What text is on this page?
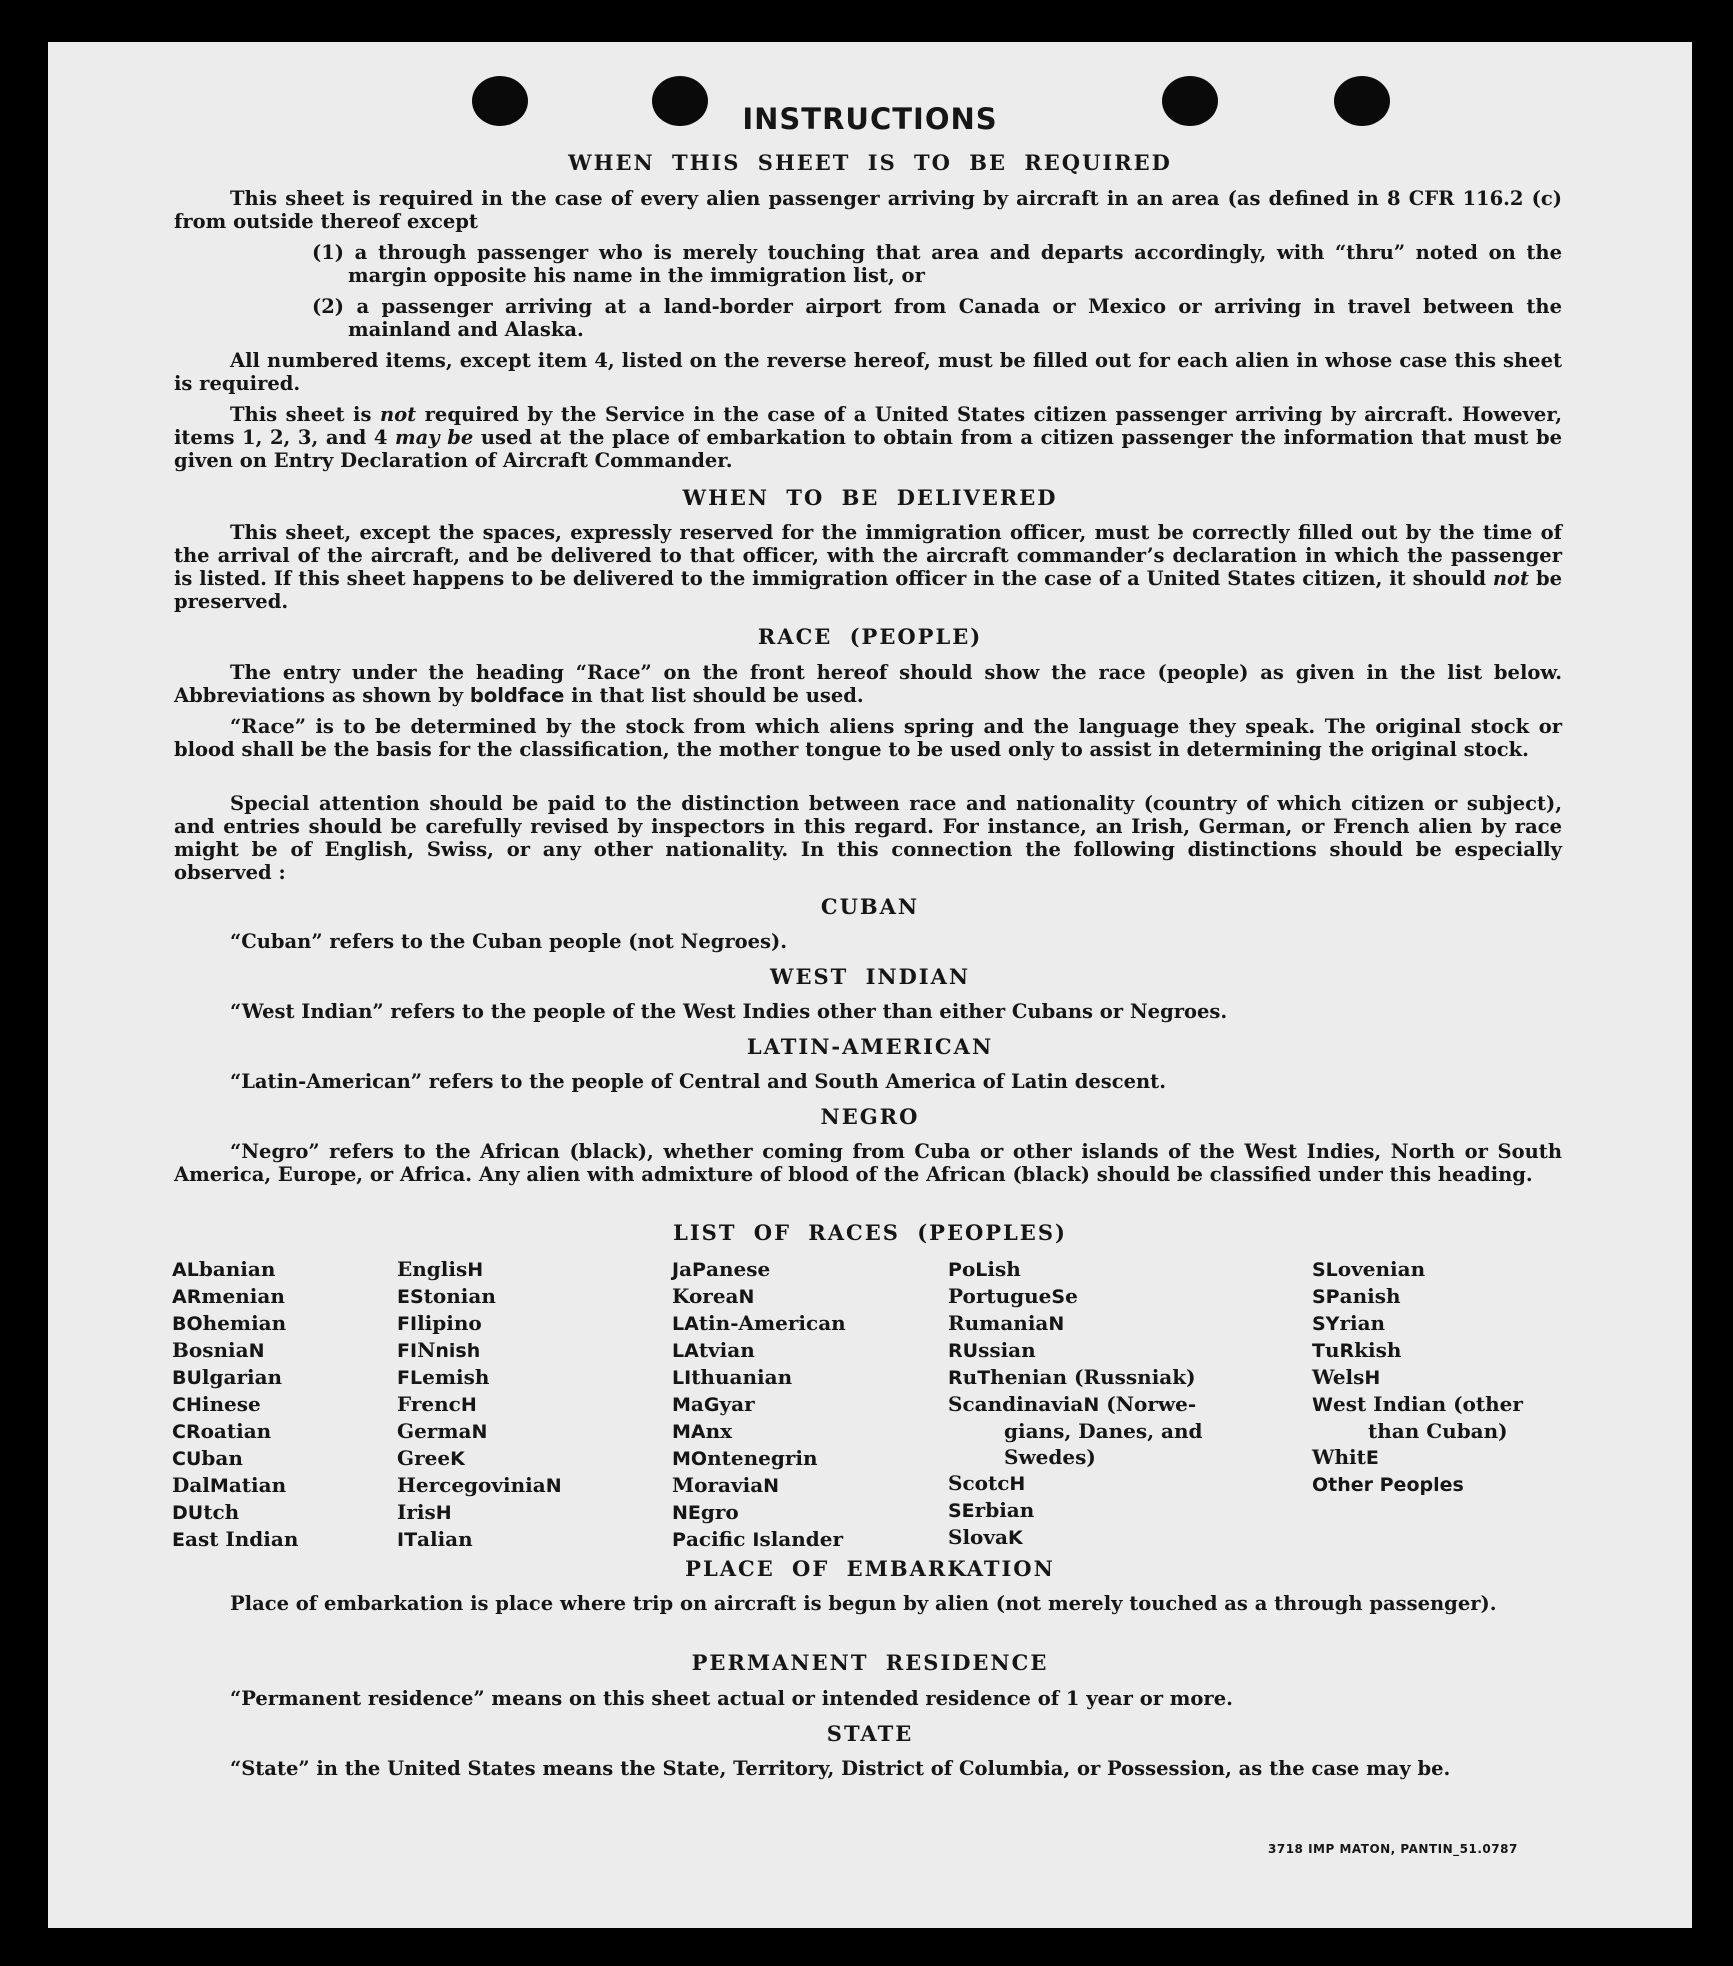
INSTRUCTIONS
WHEN THIS SHEET IS TO BE REQUIRED
This sheet is required in the case of every alien passenger arriving by aircraft in an area (as defined in 8 CFR 116.2 (c) from outside thereof except
(1) a through passenger who is merely touching that area and departs accordingly, with “thru” noted on the margin opposite his name in the immigration list, or
(2) a passenger arriving at a land-border airport from Canada or Mexico or arriving in travel between the mainland and Alaska.
All numbered items, except item 4, listed on the reverse hereof, must be filled out for each alien in whose case this sheet is required.
This sheet is not required by the Service in the case of a United States citizen passenger arriving by aircraft. However, items 1, 2, 3, and 4 may be used at the place of embarkation to obtain from a citizen passenger the information that must be given on Entry Declaration of Aircraft Commander.
WHEN TO BE DELIVERED
This sheet, except the spaces, expressly reserved for the immigration officer, must be correctly filled out by the time of the arrival of the aircraft, and be delivered to that officer, with the aircraft commander’s declaration in which the passenger is listed. If this sheet happens to be delivered to the immigration officer in the case of a United States citizen, it should not be preserved.
RACE (PEOPLE)
The entry under the heading “Race” on the front hereof should show the race (people) as given in the list below. Abbreviations as shown by boldface in that list should be used.
“Race” is to be determined by the stock from which aliens spring and the language they speak. The original stock or blood shall be the basis for the classification, the mother tongue to be used only to assist in determining the original stock.
Special attention should be paid to the distinction between race and nationality (country of which citizen or subject), and entries should be carefully revised by inspectors in this regard. For instance, an Irish, German, or French alien by race might be of English, Swiss, or any other nationality. In this connection the following distinctions should be especially observed :
CUBAN
“Cuban” refers to the Cuban people (not Negroes).
WEST INDIAN
“West Indian” refers to the people of the West Indies other than either Cubans or Negroes.
LATIN-AMERICAN
“Latin-American” refers to the people of Central and South America of Latin descent.
NEGRO
“Negro” refers to the African (black), whether coming from Cuba or other islands of the West Indies, North or South America, Europe, or Africa. Any alien with admixture of blood of the African (black) should be classified under this heading.
LIST OF RACES (PEOPLES)
ALbanian
ARmenian
BOhemian
BosniaN
BUlgarian
CHinese
CRoatian
CUban
DalMatian
DUtch
East Indian
EnglisH
EStonian
FIlipino
FINnish
FLemish
FrencH
GermaN
GreeK
HercegoviniaN
IrisH
ITalian
JaPanese
KoreaN
LAtin-American
LAtvian
LIthuanian
MaGyar
MAnx
MOntenegrin
MoraviaN
NEgro
Pacific Islander
PoLish
PortugueSe
RumaniaN
RUssian
RuThenian (Russniak)
ScandinaviaN (Norwe-
gians, Danes, and
Swedes)
ScotcH
SErbian
SlovaK
SLovenian
SPanish
SYrian
TuRkish
WelsH
West Indian (other
than Cuban)
WhitE
Other Peoples
PLACE OF EMBARKATION
Place of embarkation is place where trip on aircraft is begun by alien (not merely touched as a through passenger).
PERMANENT RESIDENCE
“Permanent residence” means on this sheet actual or intended residence of 1 year or more.
STATE
“State” in the United States means the State, Territory, District of Columbia, or Possession, as the case may be.
3718 IMP MATON, PANTIN_51.0787
